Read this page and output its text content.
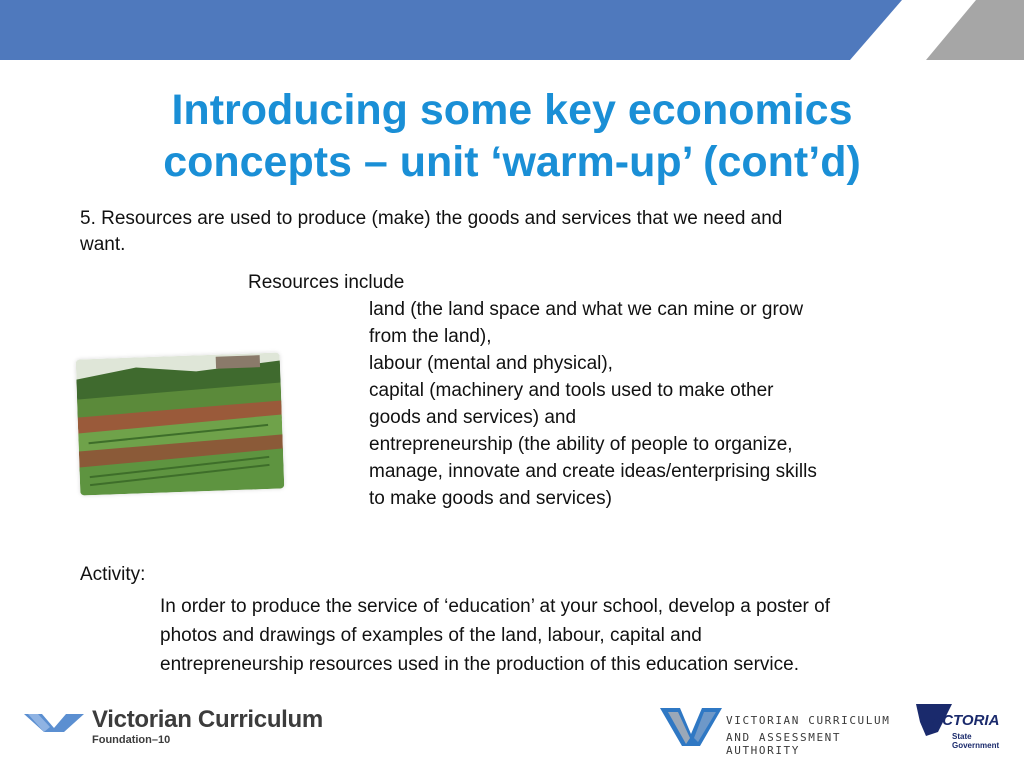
Introducing some key economics
concepts – unit ‘warm-up’ (cont’d)
5. Resources are used to produce (make) the goods and services that we need and
want.
Resources include
land (the land space and what we can mine or grow
from the land),
labour (mental and physical),
capital (machinery and tools used to make other
goods and services) and
entrepreneurship (the ability of people to organize,
manage, innovate and create ideas/enterprising skills
to make goods and services)
Activity:
In order to produce the service of ‘education’ at your school, develop a poster of
photos and drawings of examples of the land, labour, capital and
entrepreneurship resources used in the production of this education service.
Victorian Curriculum
Foundation–10
VICTORIAN CURRICULUM
AND ASSESSMENT AUTHORITY
VICTORIA
State
Government
